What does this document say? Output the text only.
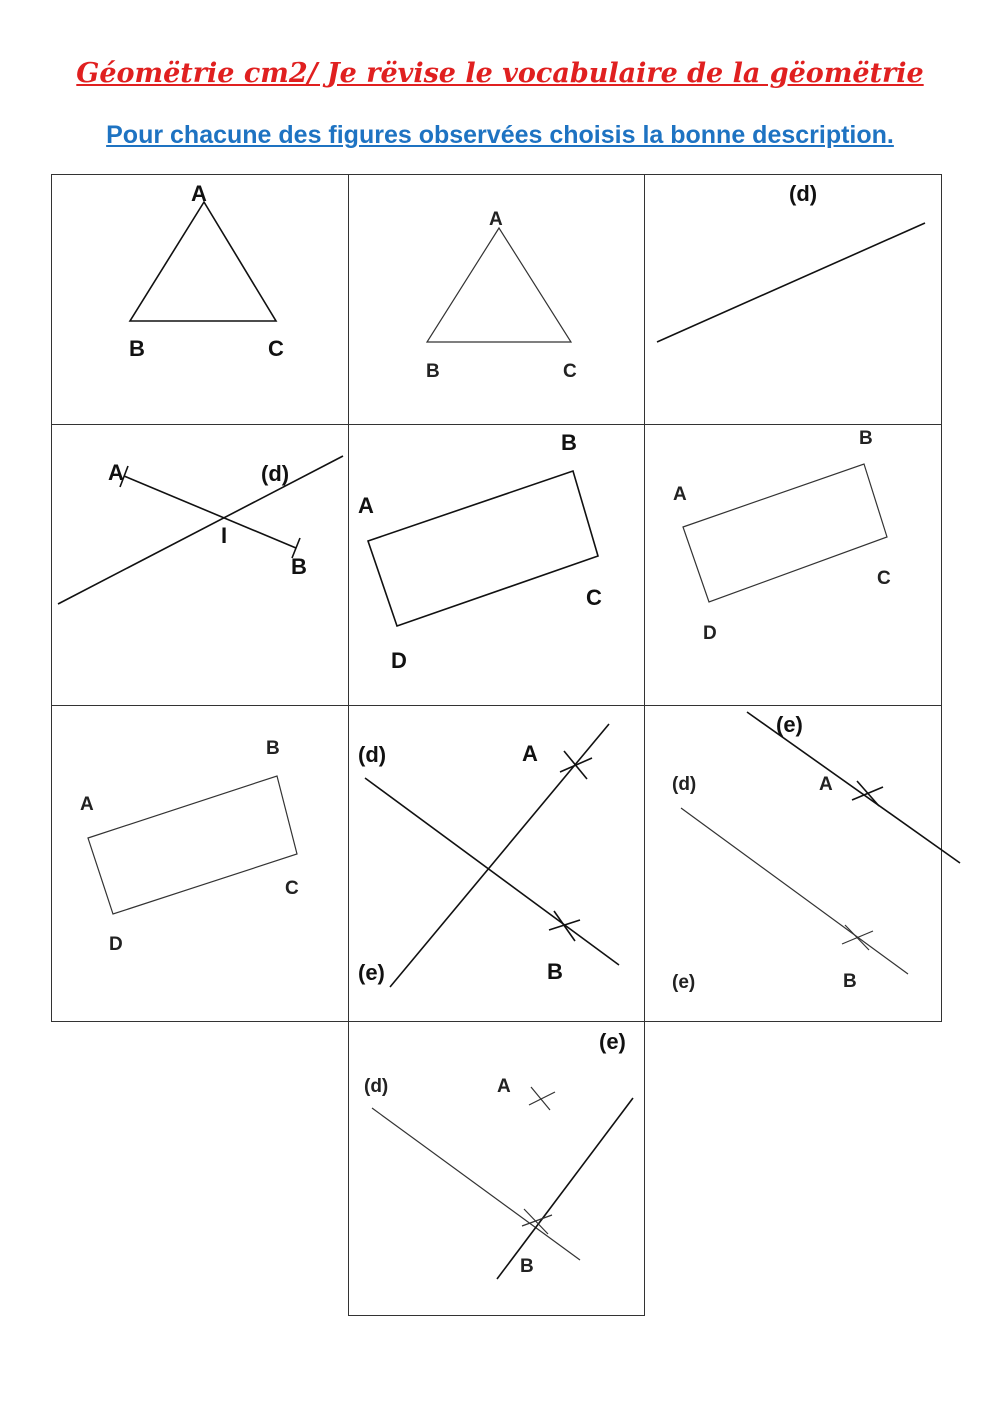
Géomëtrie cm2/ Je rëvise le vocabulaire de la gëomëtrie
Pour chacune des figures observées choisis la bonne description.
A
B	C
A
B	C
(d)
A	(d)
I
B
A
B
C
D
A
B
C
D
A
B
C
D
(d)	A
(e)	B
(e)
(d)	A
(e)	B
(e)
(d)	A
B
